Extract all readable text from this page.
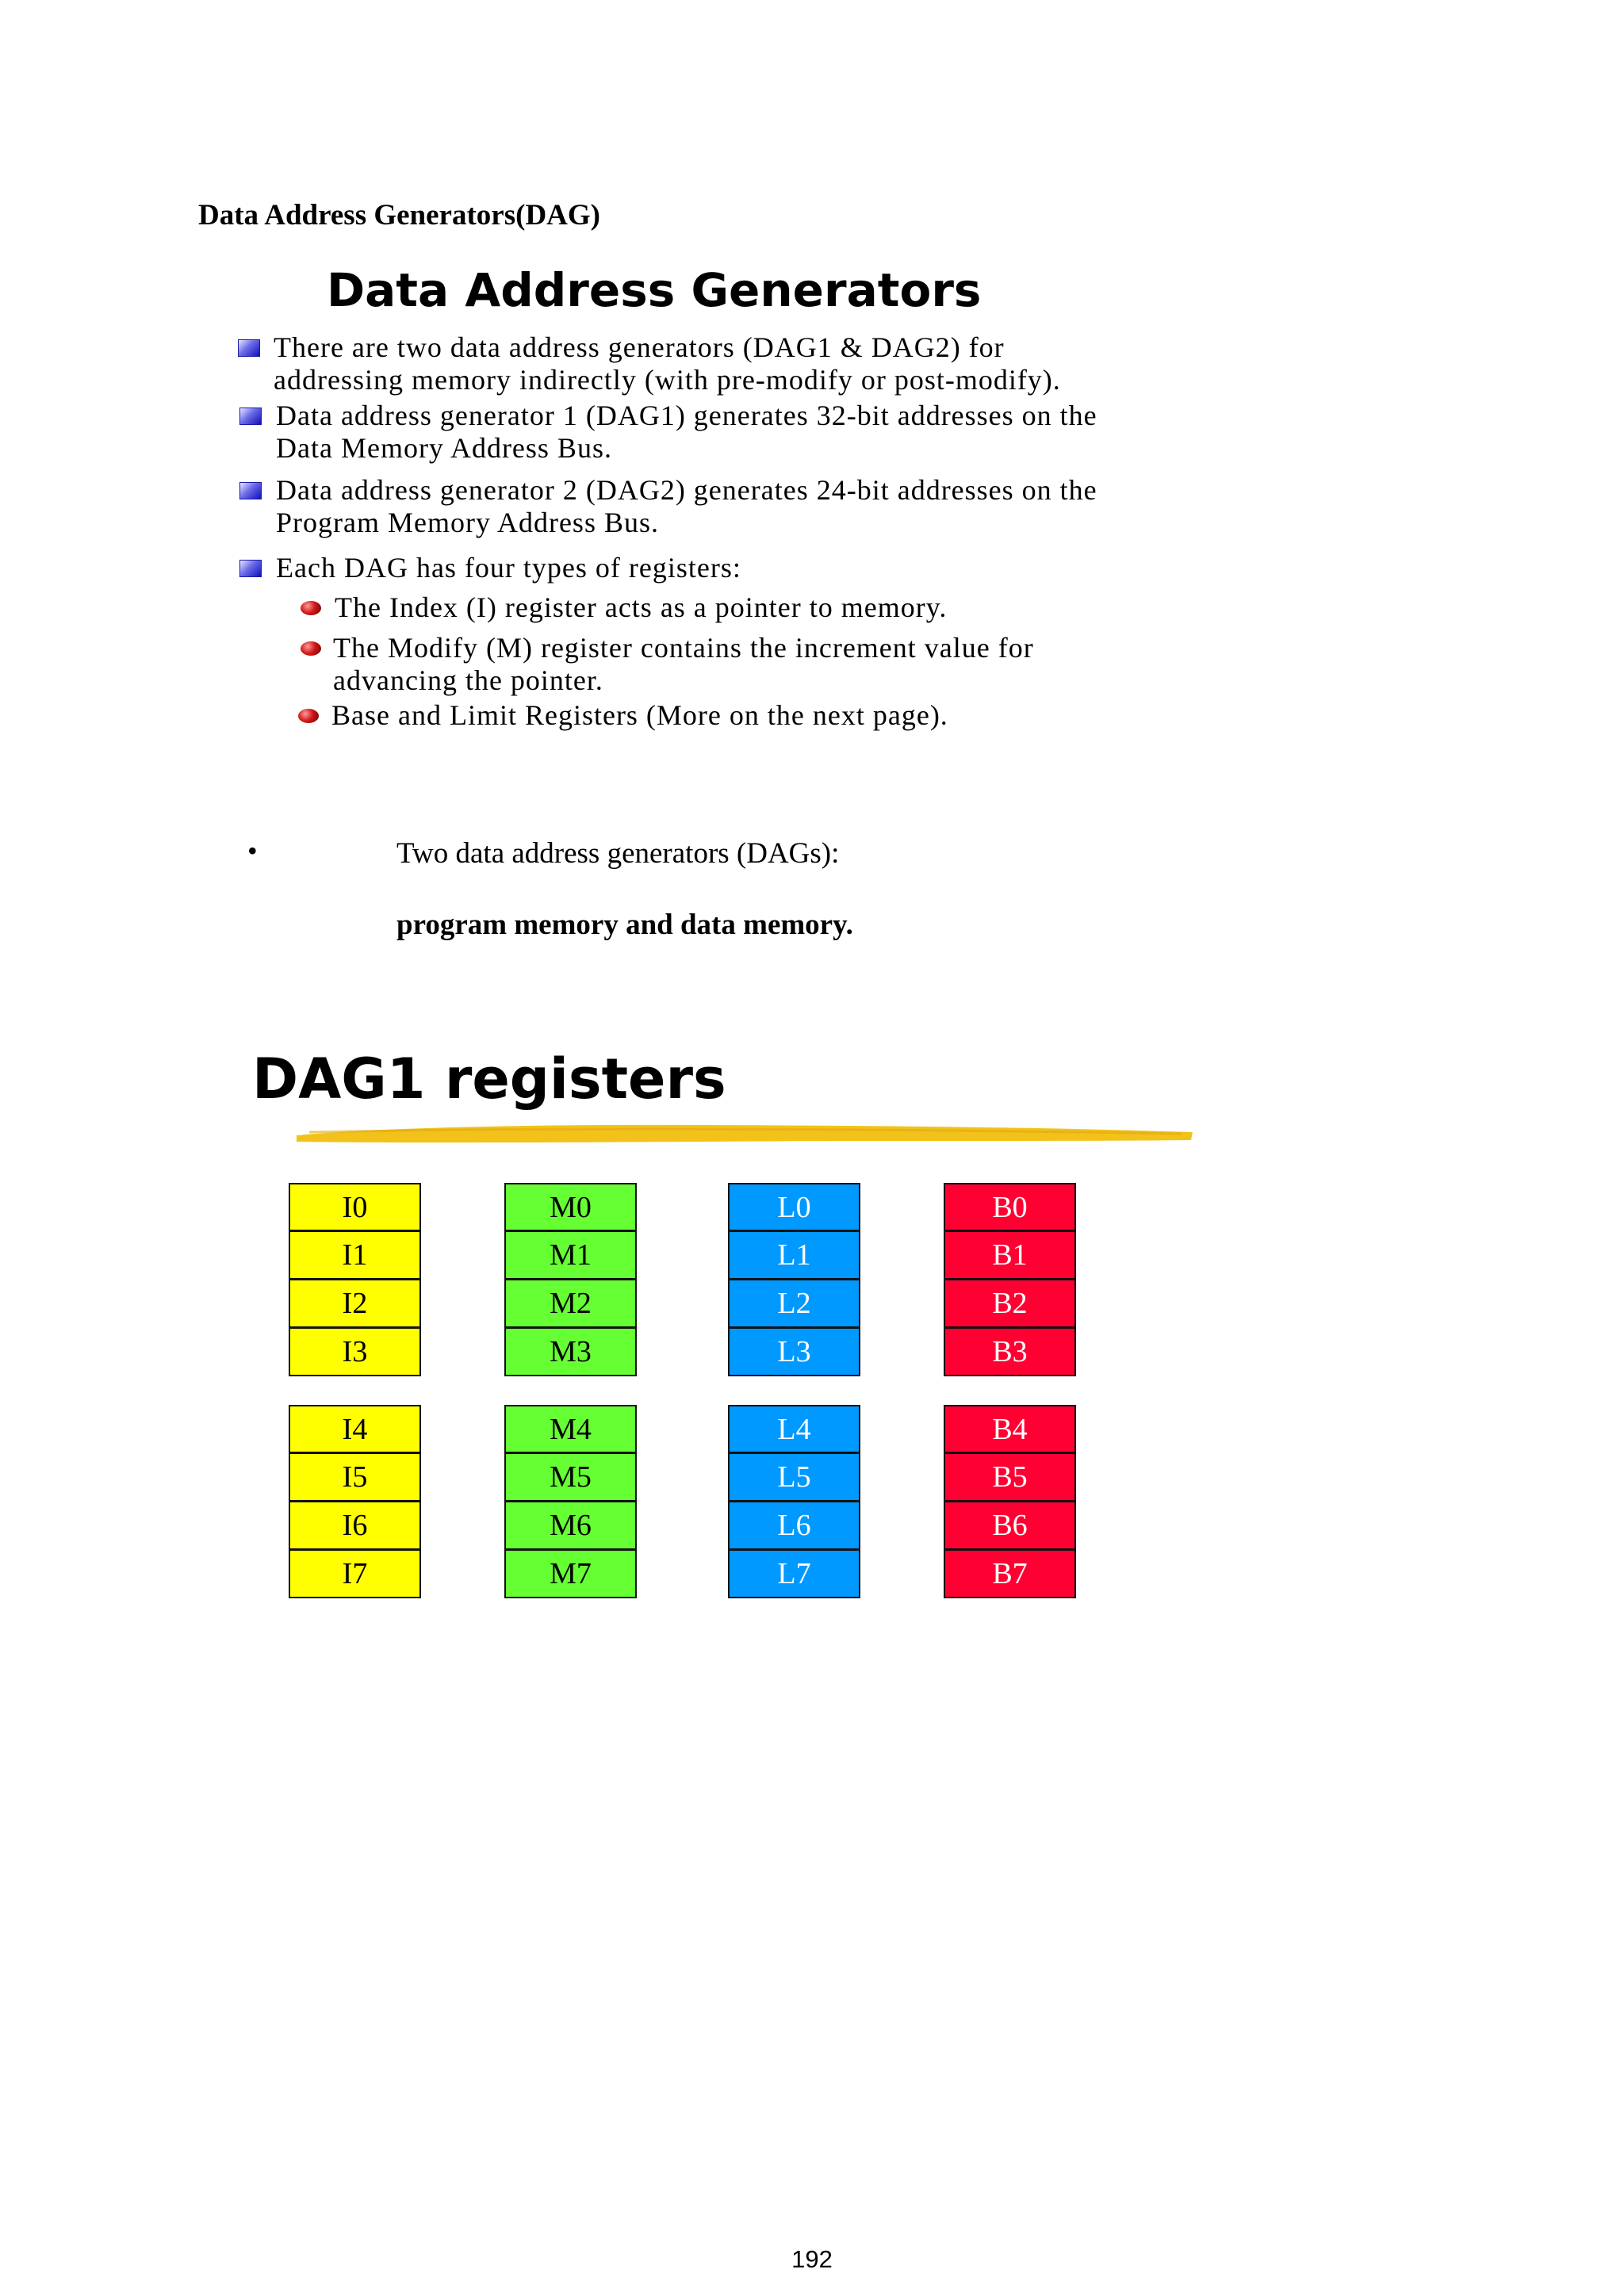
Data Address Generators(DAG)
Data Address Generators
There are two data address generators (DAG1 & DAG2) for
addressing memory indirectly (with pre-modify or post-modify).
Data address generator 1 (DAG1) generates 32-bit addresses on the
Data Memory Address Bus.
Data address generator 2 (DAG2) generates 24-bit addresses on the
Program Memory Address Bus.
Each DAG has four types of registers:
The Index (I) register acts as a pointer to memory.
The Modify (M) register contains the increment value for
advancing the pointer.
Base and Limit Registers (More on the next page).
•	Two data address generators (DAGs):
program memory and data memory.
DAG1 registers
I0
I1
I2
I3
M0
M1
M2
M3
L0
L1
L2
L3
B0
B1
B2
B3
I4
I5
I6
I7
M4
M5
M6
M7
L4
L5
L6
L7
B4
B5
B6
B7
192
